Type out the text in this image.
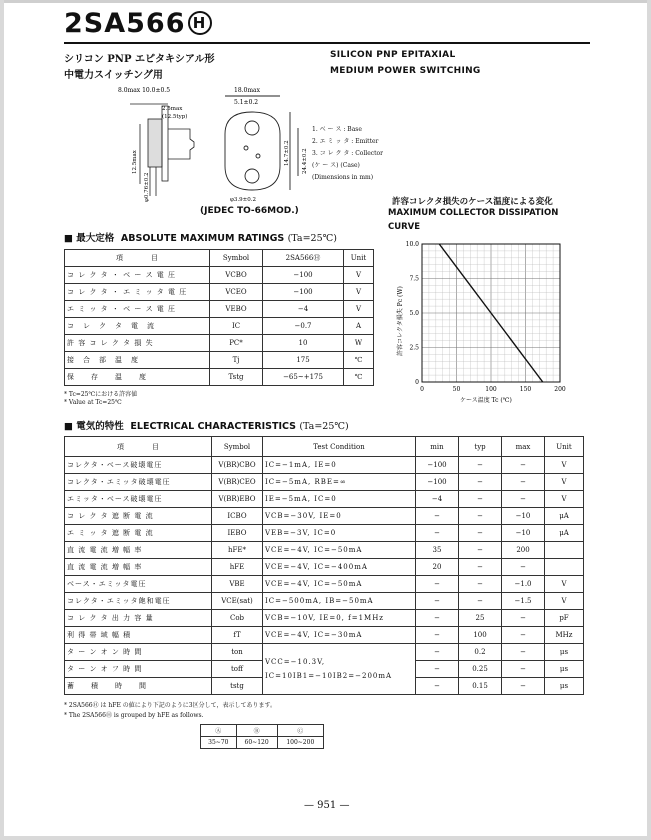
2SA566 H
シリコン PNP エピタキシアル形
中電力スイッチング用
SILICON PNP EPITAXIAL
MEDIUM POWER SWITCHING
8.0max 10.0±0.5
2.5max
(12.5typ)
12.5max
φ0.76±0.2
18.0max
5.1±0.2
14.7±0.2 24.4±0.2
φ3.9±0.2
1. ベ ー ス : Base
2. エ ミ ッ タ : Emitter
3. コ レ ク タ : Collector
(ケ ー ス) (Case)
(Dimensions in mm)
(JEDEC TO-66MOD.)
■ 最大定格 ABSOLUTE MAXIMUM RATINGS (Ta=25℃)
項　　　　目	Symbol	2SA566Ⓗ	Unit
コ レ ク タ ・ ベ ー ス 電 圧	VCBO	−100	V
コ レ ク タ ・ エ ミ ッ タ 電 圧	VCEO	−100	V
エ ミ ッ タ ・ ベ ー ス 電 圧	VEBO	−4	V
コ　レ　ク　タ　電　流	IC	−0.7	A
許 容 コ レ ク タ 損 失	PC*	10	W
接　合　部　温　度	Tj	175	℃
保　　存　　温　　度	Tstg	−65~+175	℃
* Tc=25℃における許容値
* Value at Tc=25℃
許容コレクタ損失のケース温度による変化
MAXIMUM COLLECTOR DISSIPATION
CURVE
0	50	100	150	200
0
2.5
5.0
7.5
10.0
許容コレクタ損失 Pc (W)
ケース温度 Tc (℃)
■ 電気的特性 ELECTRICAL CHARACTERISTICS (Ta=25℃)
項　　　　目	Symbol	Test Condition	min	typ	max	Unit
コレクタ・ベース破壊電圧	V(BR)CBO	IC=−1mA, IE=0	−100	−	−	V
コレクタ・エミッタ破壊電圧	V(BR)CEO	IC=−5mA, RBE=∞	−100	−	−	V
エミッタ・ベース破壊電圧	V(BR)EBO	IE=−5mA, IC=0	−4	−	−	V
コ レ ク タ 遮 断 電 流	ICBO	VCB=−30V, IE=0	−	−	−10	μA
エ ミ ッ タ 遮 断 電 流	IEBO	VEB=−3V, IC=0	−	−	−10	μA
直 流 電 流 増 幅 率	hFE*	VCE=−4V, IC=−50mA	35	−	200	
直 流 電 流 増 幅 率	hFE	VCE=−4V, IC=−400mA	20	−	−	
ベース・エミッタ電圧	VBE	VCE=−4V, IC=−50mA	−	−	−1.0	V
コレクタ・エミッタ飽和電圧	VCE(sat)	IC=−500mA, IB=−50mA	−	−	−1.5	V
コ レ ク タ 出 力 容 量	Cob	VCB=−10V, IE=0, f=1MHz	−	25	−	pF
利 得 帯 域 幅 積	fT	VCE=−4V, IC=−30mA	−	100	−	MHz
タ ー ン オ ン 時 間	ton	VCC=−10.3V,
IC=10IB1=−10IB2=−200mA	−	0.2	−	μs
タ ー ン オ フ 時 間	toff		−	0.25	−	μs
蓄　　積　　時　　間	tstg		−	0.15	−	μs
* 2SA566Ⓗ は hFE の値により下記のように3区分して，表示してあります。
* The 2SA566Ⓗ is grouped by hFE as follows.
Ⓐ	Ⓑ	Ⓒ
35~70	60~120	100~200
— 951 —
